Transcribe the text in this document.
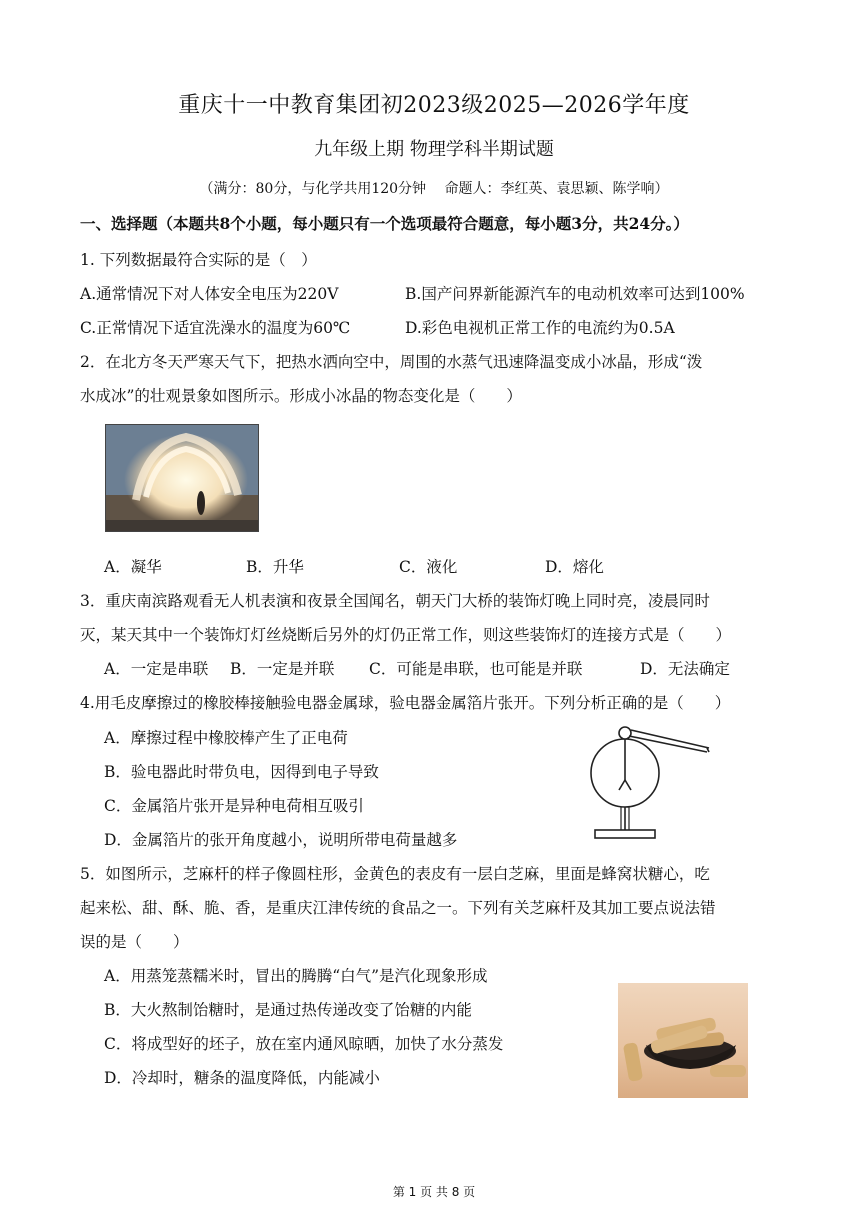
重庆十一中教育集团初2023级2025—2026学年度
九年级上期 物理学科半期试题
（满分：80分，与化学共用120分钟　 命题人：李红英、袁思颖、陈学响）
一、选择题（本题共8个小题，每小题只有一个选项最符合题意，每小题3分，共24分。）
1. 下列数据最符合实际的是（　）
A.通常情况下对人体安全电压为220V	B.国产问界新能源汽车的电动机效率可达到100%
C.正常情况下适宜洗澡水的温度为60℃	D.彩色电视机正常工作的电流约为0.5A
2．在北方冬天严寒天气下，把热水洒向空中，周围的水蒸气迅速降温变成小冰晶，形成“泼
水成冰”的壮观景象如图所示。形成小冰晶的物态变化是（　　）
A．凝华	B．升华	C．液化	D．熔化
3．重庆南滨路观看无人机表演和夜景全国闻名，朝天门大桥的装饰灯晚上同时亮，凌晨同时
灭，某天其中一个装饰灯灯丝烧断后另外的灯仍正常工作，则这些装饰灯的连接方式是（　　）
A．一定是串联 B．一定是并联 C．可能是串联，也可能是并联	D．无法确定
4.用毛皮摩擦过的橡胶棒接触验电器金属球，验电器金属箔片张开。下列分析正确的是（　　）
A．摩擦过程中橡胶棒产生了正电荷
B．验电器此时带负电，因得到电子导致
C．金属箔片张开是异种电荷相互吸引
D．金属箔片的张开角度越小，说明所带电荷量越多
5．如图所示，芝麻杆的样子像圆柱形，金黄色的表皮有一层白芝麻，里面是蜂窝状糖心，吃
起来松、甜、酥、脆、香，是重庆江津传统的食品之一。下列有关芝麻杆及其加工要点说法错
误的是（　　）
A．用蒸笼蒸糯米时，冒出的腾腾“白气”是汽化现象形成
B．大火熬制饴糖时，是通过热传递改变了饴糖的内能
C．将成型好的坯子，放在室内通风晾晒，加快了水分蒸发
D．冷却时，糖条的温度降低，内能减小
第 1 页 共 8 页
